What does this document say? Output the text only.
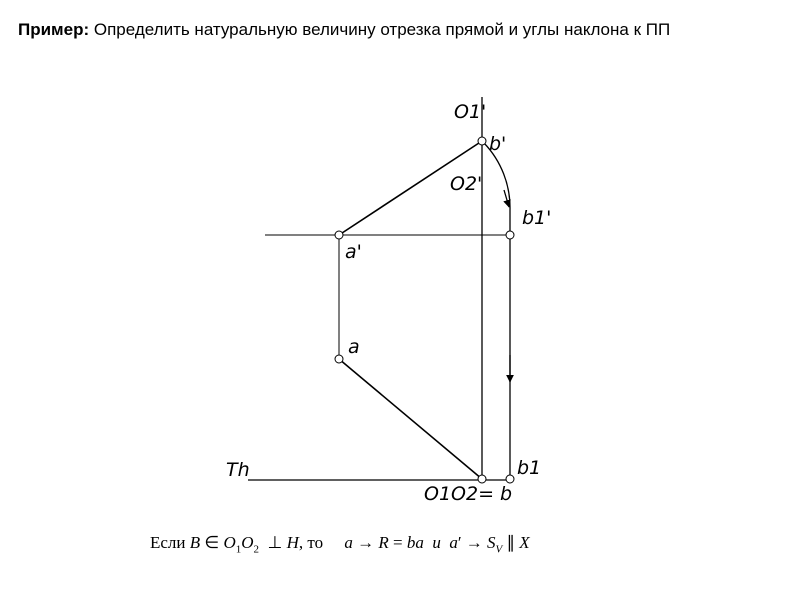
Пример: Определить натуральную величину отрезка прямой и углы наклона к ПП
O1'
b'
O2'
b1'
a'
a
Th	b1
O1O2= b
Если B ∈ $O_1O_2$  ⊥ H, то a → R = ba и $a' \to S_V$ ∥ X
